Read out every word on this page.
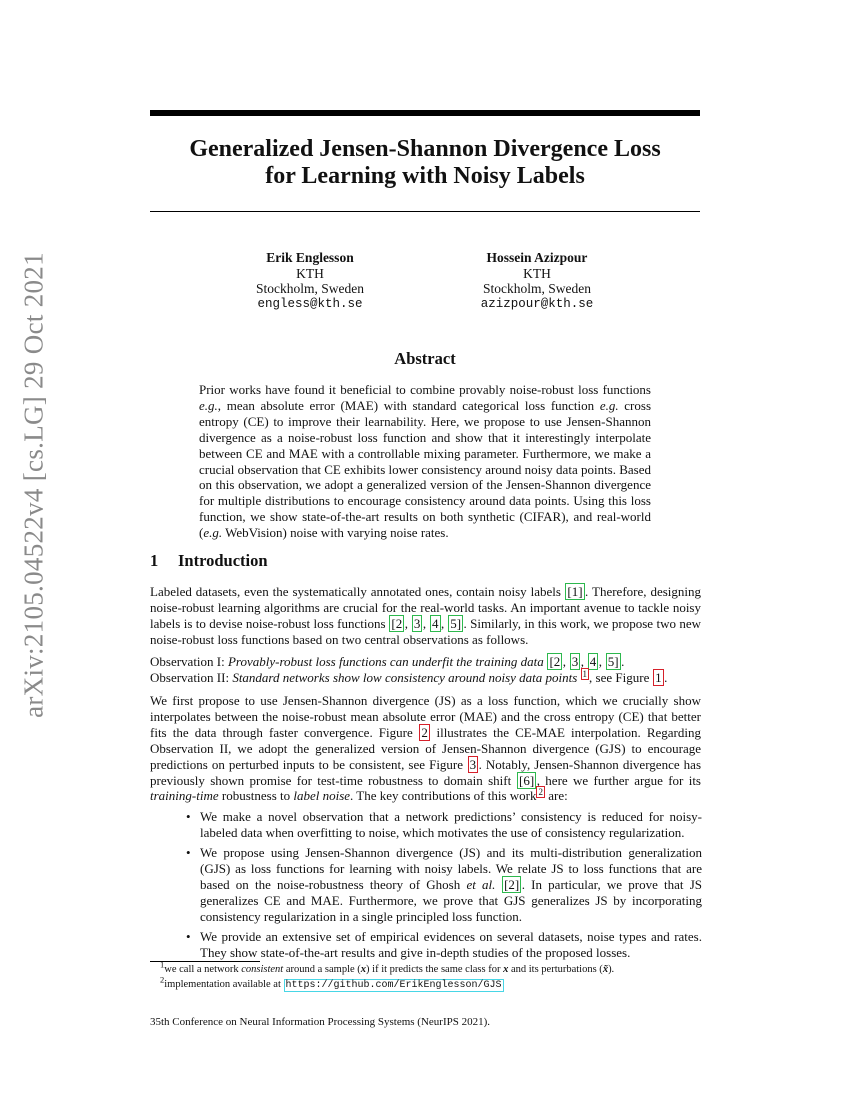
arXiv:2105.04522v4 [cs.LG] 29 Oct 2021
Generalized Jensen-Shannon Divergence Loss
for Learning with Noisy Labels
Erik Englesson
KTH
Stockholm, Sweden
engless@kth.se
Hossein Azizpour
KTH
Stockholm, Sweden
azizpour@kth.se
Abstract
Prior works have found it beneficial to combine provably noise-robust loss functions e.g., mean absolute error (MAE) with standard categorical loss function e.g. cross entropy (CE) to improve their learnability. Here, we propose to use Jensen-Shannon divergence as a noise-robust loss function and show that it interestingly interpolate between CE and MAE with a controllable mixing parameter. Furthermore, we make a crucial observation that CE exhibits lower consistency around noisy data points. Based on this observation, we adopt a generalized version of the Jensen-Shannon divergence for multiple distributions to encourage consistency around data points. Using this loss function, we show state-of-the-art results on both synthetic (CIFAR), and real-world (e.g. WebVision) noise with varying noise rates.
1 Introduction
Labeled datasets, even the systematically annotated ones, contain noisy labels [1] . Therefore, designing noise-robust learning algorithms are crucial for the real-world tasks. An important avenue to tackle noisy labels is to devise noise-robust loss functions [2 , 3 , 4 , 5] . Similarly, in this work, we propose two new noise-robust loss functions based on two central observations as follows.
Observation I: Provably-robust loss functions can underfit the training data [2 , 3 , 4 , 5] .
Observation II: Standard networks show low consistency around noisy data points $^1$ , see Figure 1 .
We first propose to use Jensen-Shannon divergence (JS) as a loss function, which we crucially show interpolates between the noise-robust mean absolute error (MAE) and the cross entropy (CE) that better fits the data through faster convergence. Figure 2 illustrates the CE-MAE interpolation. Regarding Observation II, we adopt the generalized version of Jensen-Shannon divergence (GJS) to encourage predictions on perturbed inputs to be consistent, see Figure 3 . Notably, Jensen-Shannon divergence has previously shown promise for test-time robustness to domain shift [6] , here we further argue for its training-time robustness to label noise. The key contributions of this work $^2$ are:
• We make a novel observation that a network predictions’ consistency is reduced for noisy-labeled data when overfitting to noise, which motivates the use of consistency regularization.
• We propose using Jensen-Shannon divergence (JS) and its multi-distribution generalization (GJS) as loss functions for learning with noisy labels. We relate JS to loss functions that are based on the noise-robustness theory of Ghosh et al. [2] . In particular, we prove that JS generalizes CE and MAE. Furthermore, we prove that GJS generalizes JS by incorporating consistency regularization in a single principled loss function.
• We provide an extensive set of empirical evidences on several datasets, noise types and rates. They show state-of-the-art results and give in-depth studies of the proposed losses.
$^1$we call a network consistent around a sample (x) if it predicts the same class for x and its perturbations (x̃).
$^2$implementation available at https://github.com/ErikEnglesson/GJS
35th Conference on Neural Information Processing Systems (NeurIPS 2021).
